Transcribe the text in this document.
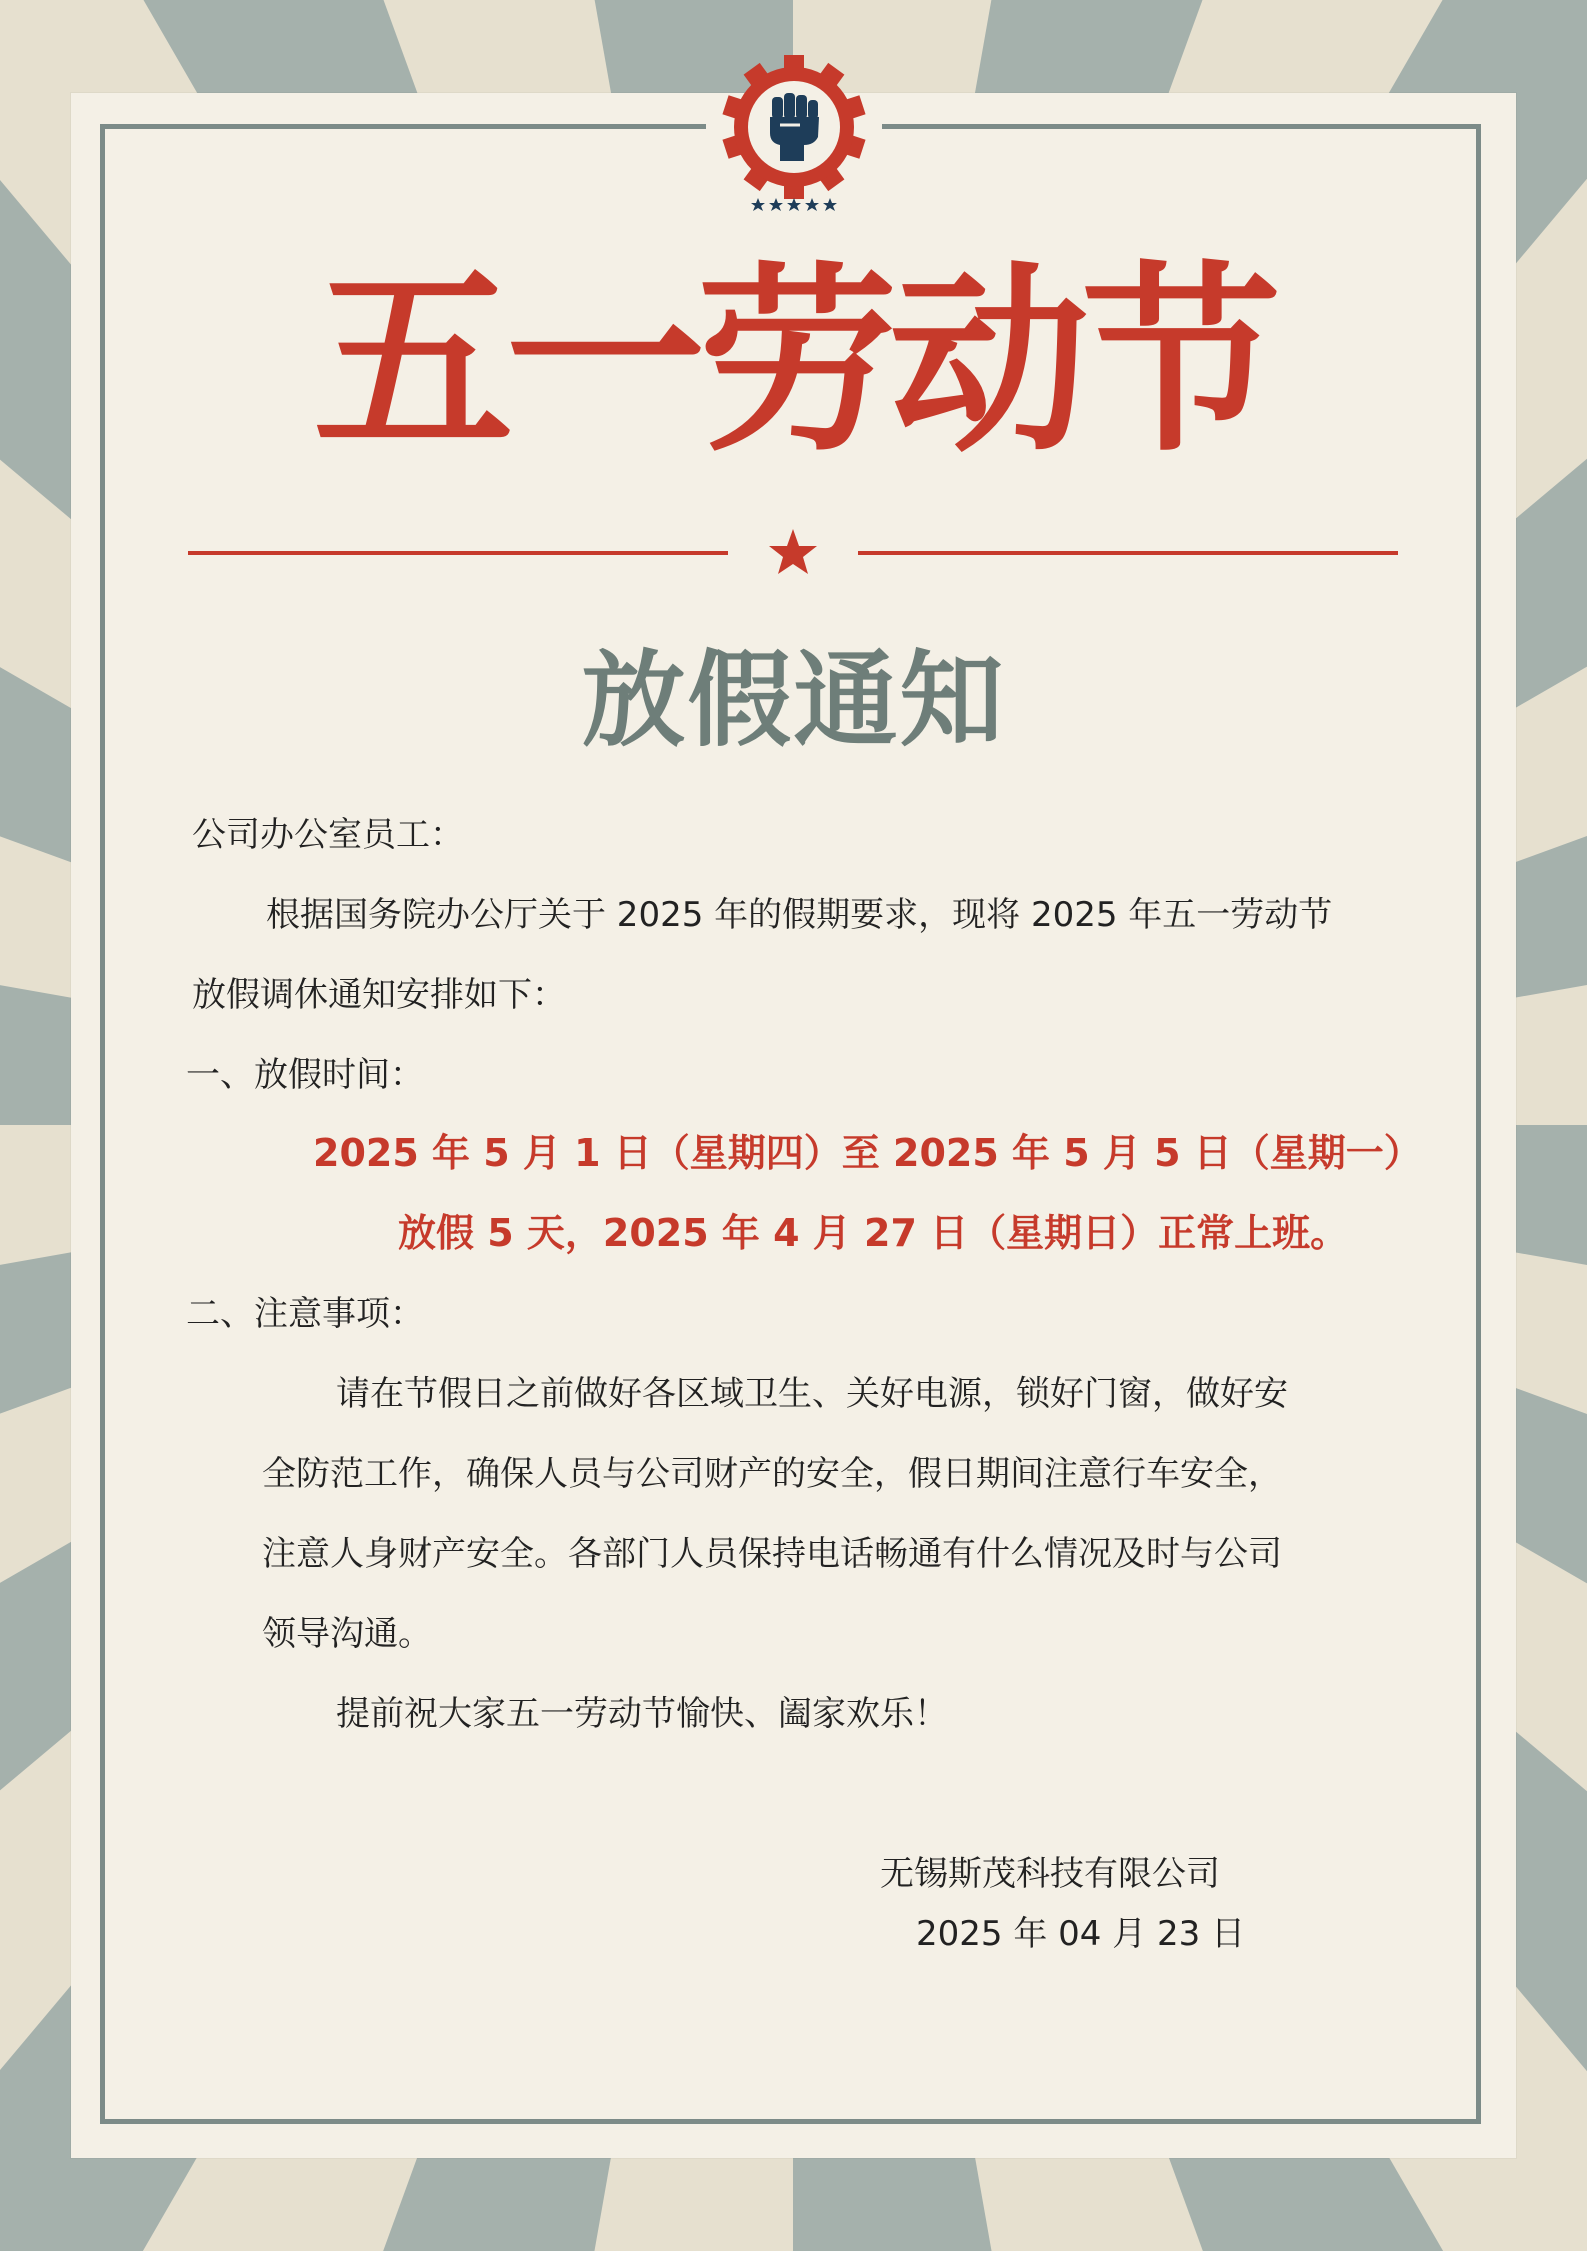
五一劳动节
放假通知
公司办公室员工：
根据国务院办公厅关于 2025 年的假期要求，现将 2025 年五一劳动节
放假调休通知安排如下：
一、放假时间：
2025 年 5 月 1 日（星期四）至 2025 年 5 月 5 日（星期一）
放假 5 天，2025 年 4 月 27 日（星期日）正常上班。
二、注意事项：
请在节假日之前做好各区域卫生、关好电源，锁好门窗，做好安
全防范工作，确保人员与公司财产的安全，假日期间注意行车安全，
注意人身财产安全。各部门人员保持电话畅通有什么情况及时与公司
领导沟通。
提前祝大家五一劳动节愉快、阖家欢乐！
无锡斯茂科技有限公司
2025 年 04 月 23 日
